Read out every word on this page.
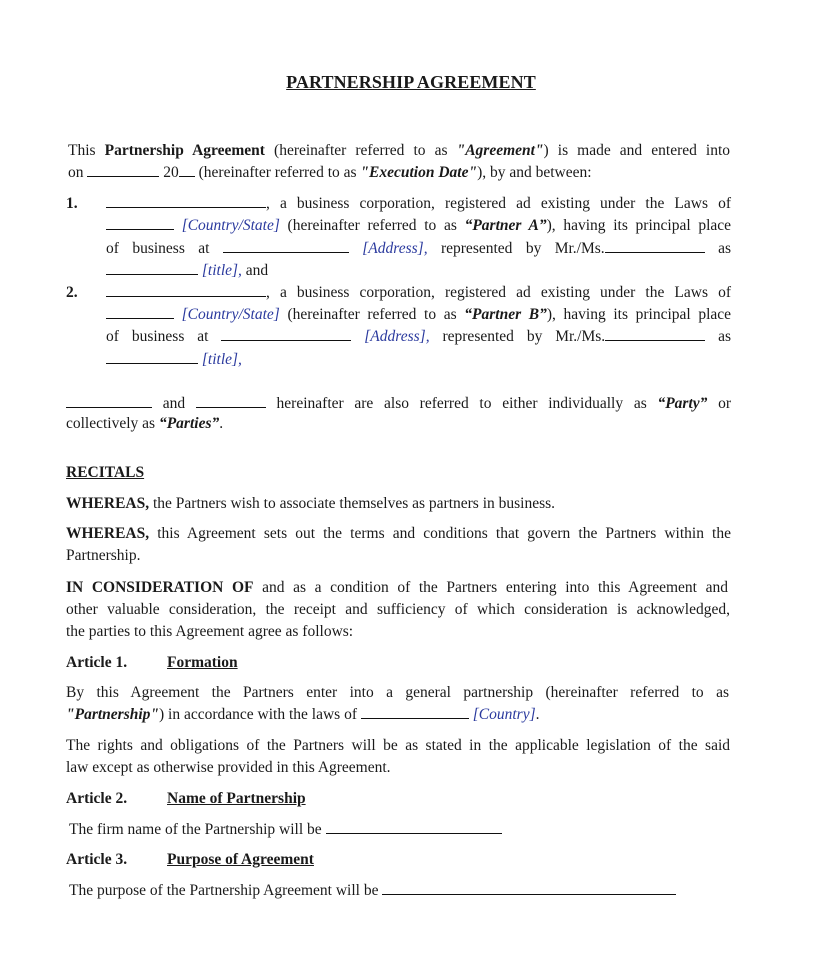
PARTNERSHIP AGREEMENT
This Partnership Agreement (hereinafter referred to as "Agreement") is made and entered into
on	20 (hereinafter referred to as "Execution Date"), by and between:
1.	, a business corporation, registered ad existing under the Laws of
[Country/State] (hereinafter referred to as “Partner A”), having its principal place
of business at	[Address], represented by Mr./Ms.	as
[title], and
2.	, a business corporation, registered ad existing under the Laws of
[Country/State] (hereinafter referred to as “Partner B”), having its principal place
of business at	[Address], represented by Mr./Ms.	as
[title],
and	hereinafter are also referred to either individually as “Party” or
collectively as “Parties”.
RECITALS
WHEREAS, the Partners wish to associate themselves as partners in business.
WHEREAS, this Agreement sets out the terms and conditions that govern the Partners within the
Partnership.
IN CONSIDERATION OF and as a condition of the Partners entering into this Agreement and
other valuable consideration, the receipt and sufficiency of which consideration is acknowledged,
the parties to this Agreement agree as follows:
Article 1.	Formation
By this Agreement the Partners enter into a general partnership (hereinafter referred to as
"Partnership") in accordance with the laws of	[Country].
The rights and obligations of the Partners will be as stated in the applicable legislation of the said
law except as otherwise provided in this Agreement.
Article 2.	Name of Partnership
The firm name of the Partnership will be
Article 3.	Purpose of Agreement
The purpose of the Partnership Agreement will be
